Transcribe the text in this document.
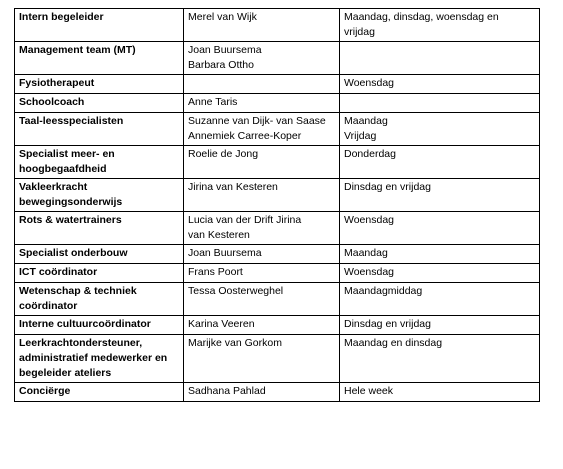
Intern begeleider	Merel van Wijk	Maandag, dinsdag, woensdag en
vrijdag

Management team (MT)	Joan Buursema
Barbara Ottho	

Fysiotherapeut		Woensdag

Schoolcoach	Anne Taris	

Taal-leesspecialisten	Suzanne van Dijk- van Saase
Annemiek Carree-Koper	Maandag
Vrijdag

Specialist meer- en
hoogbegaafdheid	Roelie de Jong	Donderdag

Vakleerkracht
bewegingsonderwijs	Jirina van Kesteren	Dinsdag en vrijdag

Rots & watertrainers	Lucia van der Drift Jirina
van Kesteren	Woensdag

Specialist onderbouw	Joan Buursema	Maandag

ICT coördinator	Frans Poort	Woensdag

Wetenschap & techniek
coördinator	Tessa Oosterweghel	Maandagmiddag

Interne cultuurcoördinator	Karina Veeren	Dinsdag en vrijdag

Leerkrachtondersteuner,
administratief medewerker en
begeleider ateliers	Marijke van Gorkom	Maandag en dinsdag

Conciërge	Sadhana Pahlad	Hele week
